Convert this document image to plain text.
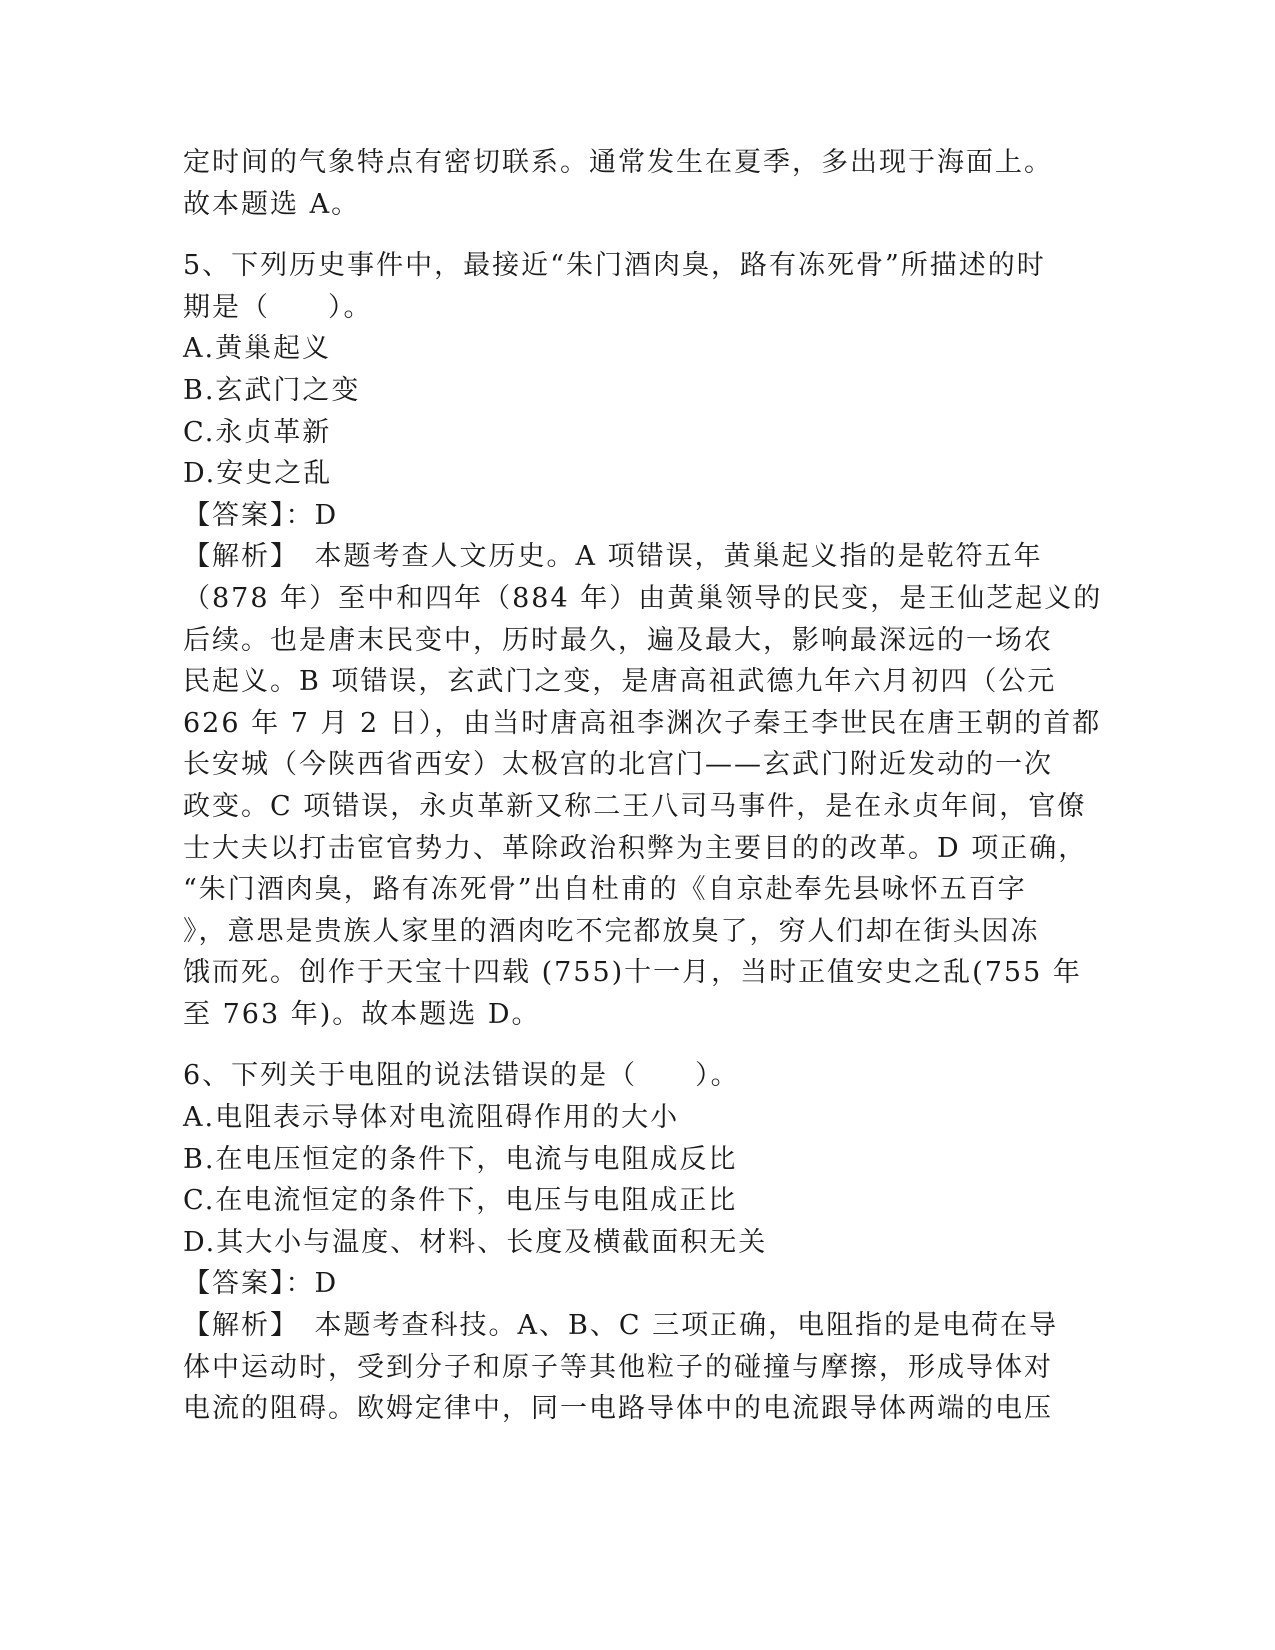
定时间的气象特点有密切联系。通常发生在夏季，多出现于海面上。
故本题选 A。
5、下列历史事件中，最接近“朱门酒肉臭，路有冻死骨”所描述的时
期是（　　）。
A.黄巢起义
B.玄武门之变
C.永贞革新
D.安史之乱
【答案】：D
【解析】　本题考查人文历史。A 项错误，黄巢起义指的是乾符五年
（878 年）至中和四年（884 年）由黄巢领导的民变，是王仙芝起义的
后续。也是唐末民变中，历时最久，遍及最大，影响最深远的一场农
民起义。B 项错误，玄武门之变，是唐高祖武德九年六月初四（公元
626 年 7 月 2 日），由当时唐高祖李渊次子秦王李世民在唐王朝的首都
长安城（今陕西省西安）太极宫的北宫门——玄武门附近发动的一次
政变。C 项错误，永贞革新又称二王八司马事件，是在永贞年间，官僚
士大夫以打击宦官势力、革除政治积弊为主要目的的改革。D 项正确，
“朱门酒肉臭，路有冻死骨”出自杜甫的《自京赴奉先县咏怀五百字
》，意思是贵族人家里的酒肉吃不完都放臭了，穷人们却在街头因冻
饿而死。创作于天宝十四载 (755)十一月，当时正值安史之乱(755 年
至 763 年)。故本题选 D。
6、下列关于电阻的说法错误的是（　　）。
A.电阻表示导体对电流阻碍作用的大小
B.在电压恒定的条件下，电流与电阻成反比
C.在电流恒定的条件下，电压与电阻成正比
D.其大小与温度、材料、长度及横截面积无关
【答案】：D
【解析】　本题考查科技。A、B、C 三项正确，电阻指的是电荷在导
体中运动时，受到分子和原子等其他粒子的碰撞与摩擦，形成导体对
电流的阻碍。欧姆定律中，同一电路导体中的电流跟导体两端的电压
